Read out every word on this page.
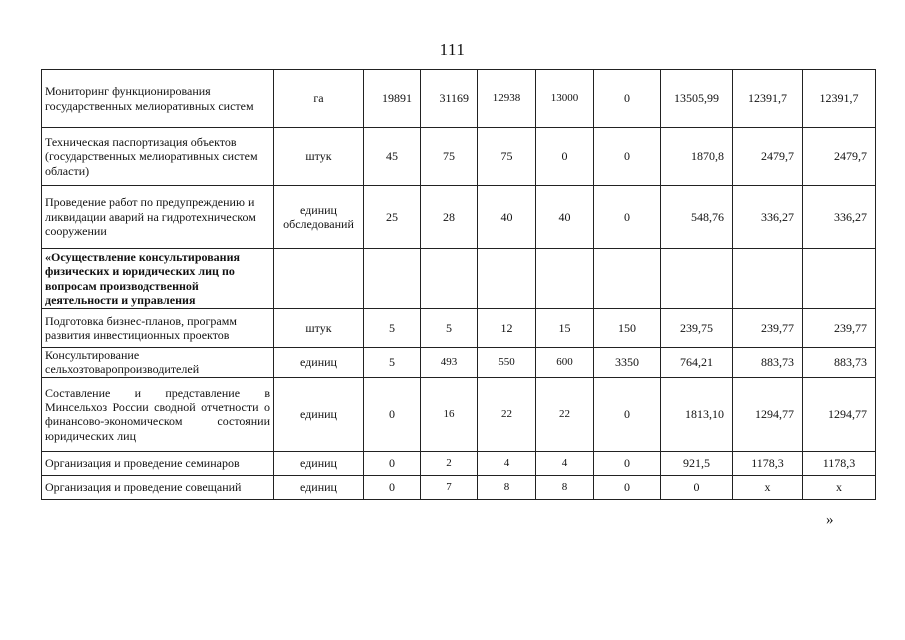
111
Мониторинг функционирования государственных мелиоративных систем	га	19891	31169	12938	13000	0	13505,99	12391,7	12391,7
Техническая паспортизация объектов (государственных мелиоративных систем области)	штук	45	75	75	0	0	1870,8	2479,7	2479,7
Проведение работ по предупреждению и ликвидации аварий на гидротехническом сооружении	единиц обследований	25	28	40	40	0	548,76	336,27	336,27
«Осуществление консультирования физических и юридических лиц по вопросам производственной деятельности и управления									
Подготовка бизнес-планов, программ развития инвестиционных проектов	штук	5	5	12	15	150	239,75	239,77	239,77
Консультирование сельхозтоваропроизводителей	единиц	5	493	550	600	3350	764,21	883,73	883,73
Составление и представление в Минсельхоз России сводной отчетности о финансово-экономическом состоянии юридических лиц	единиц	0	16	22	22	0	1813,10	1294,77	1294,77
Организация и проведение семинаров	единиц	0	2	4	4	0	921,5	1178,3	1178,3
Организация и проведение совещаний	единиц	0	7	8	8	0	0	х	х
»
